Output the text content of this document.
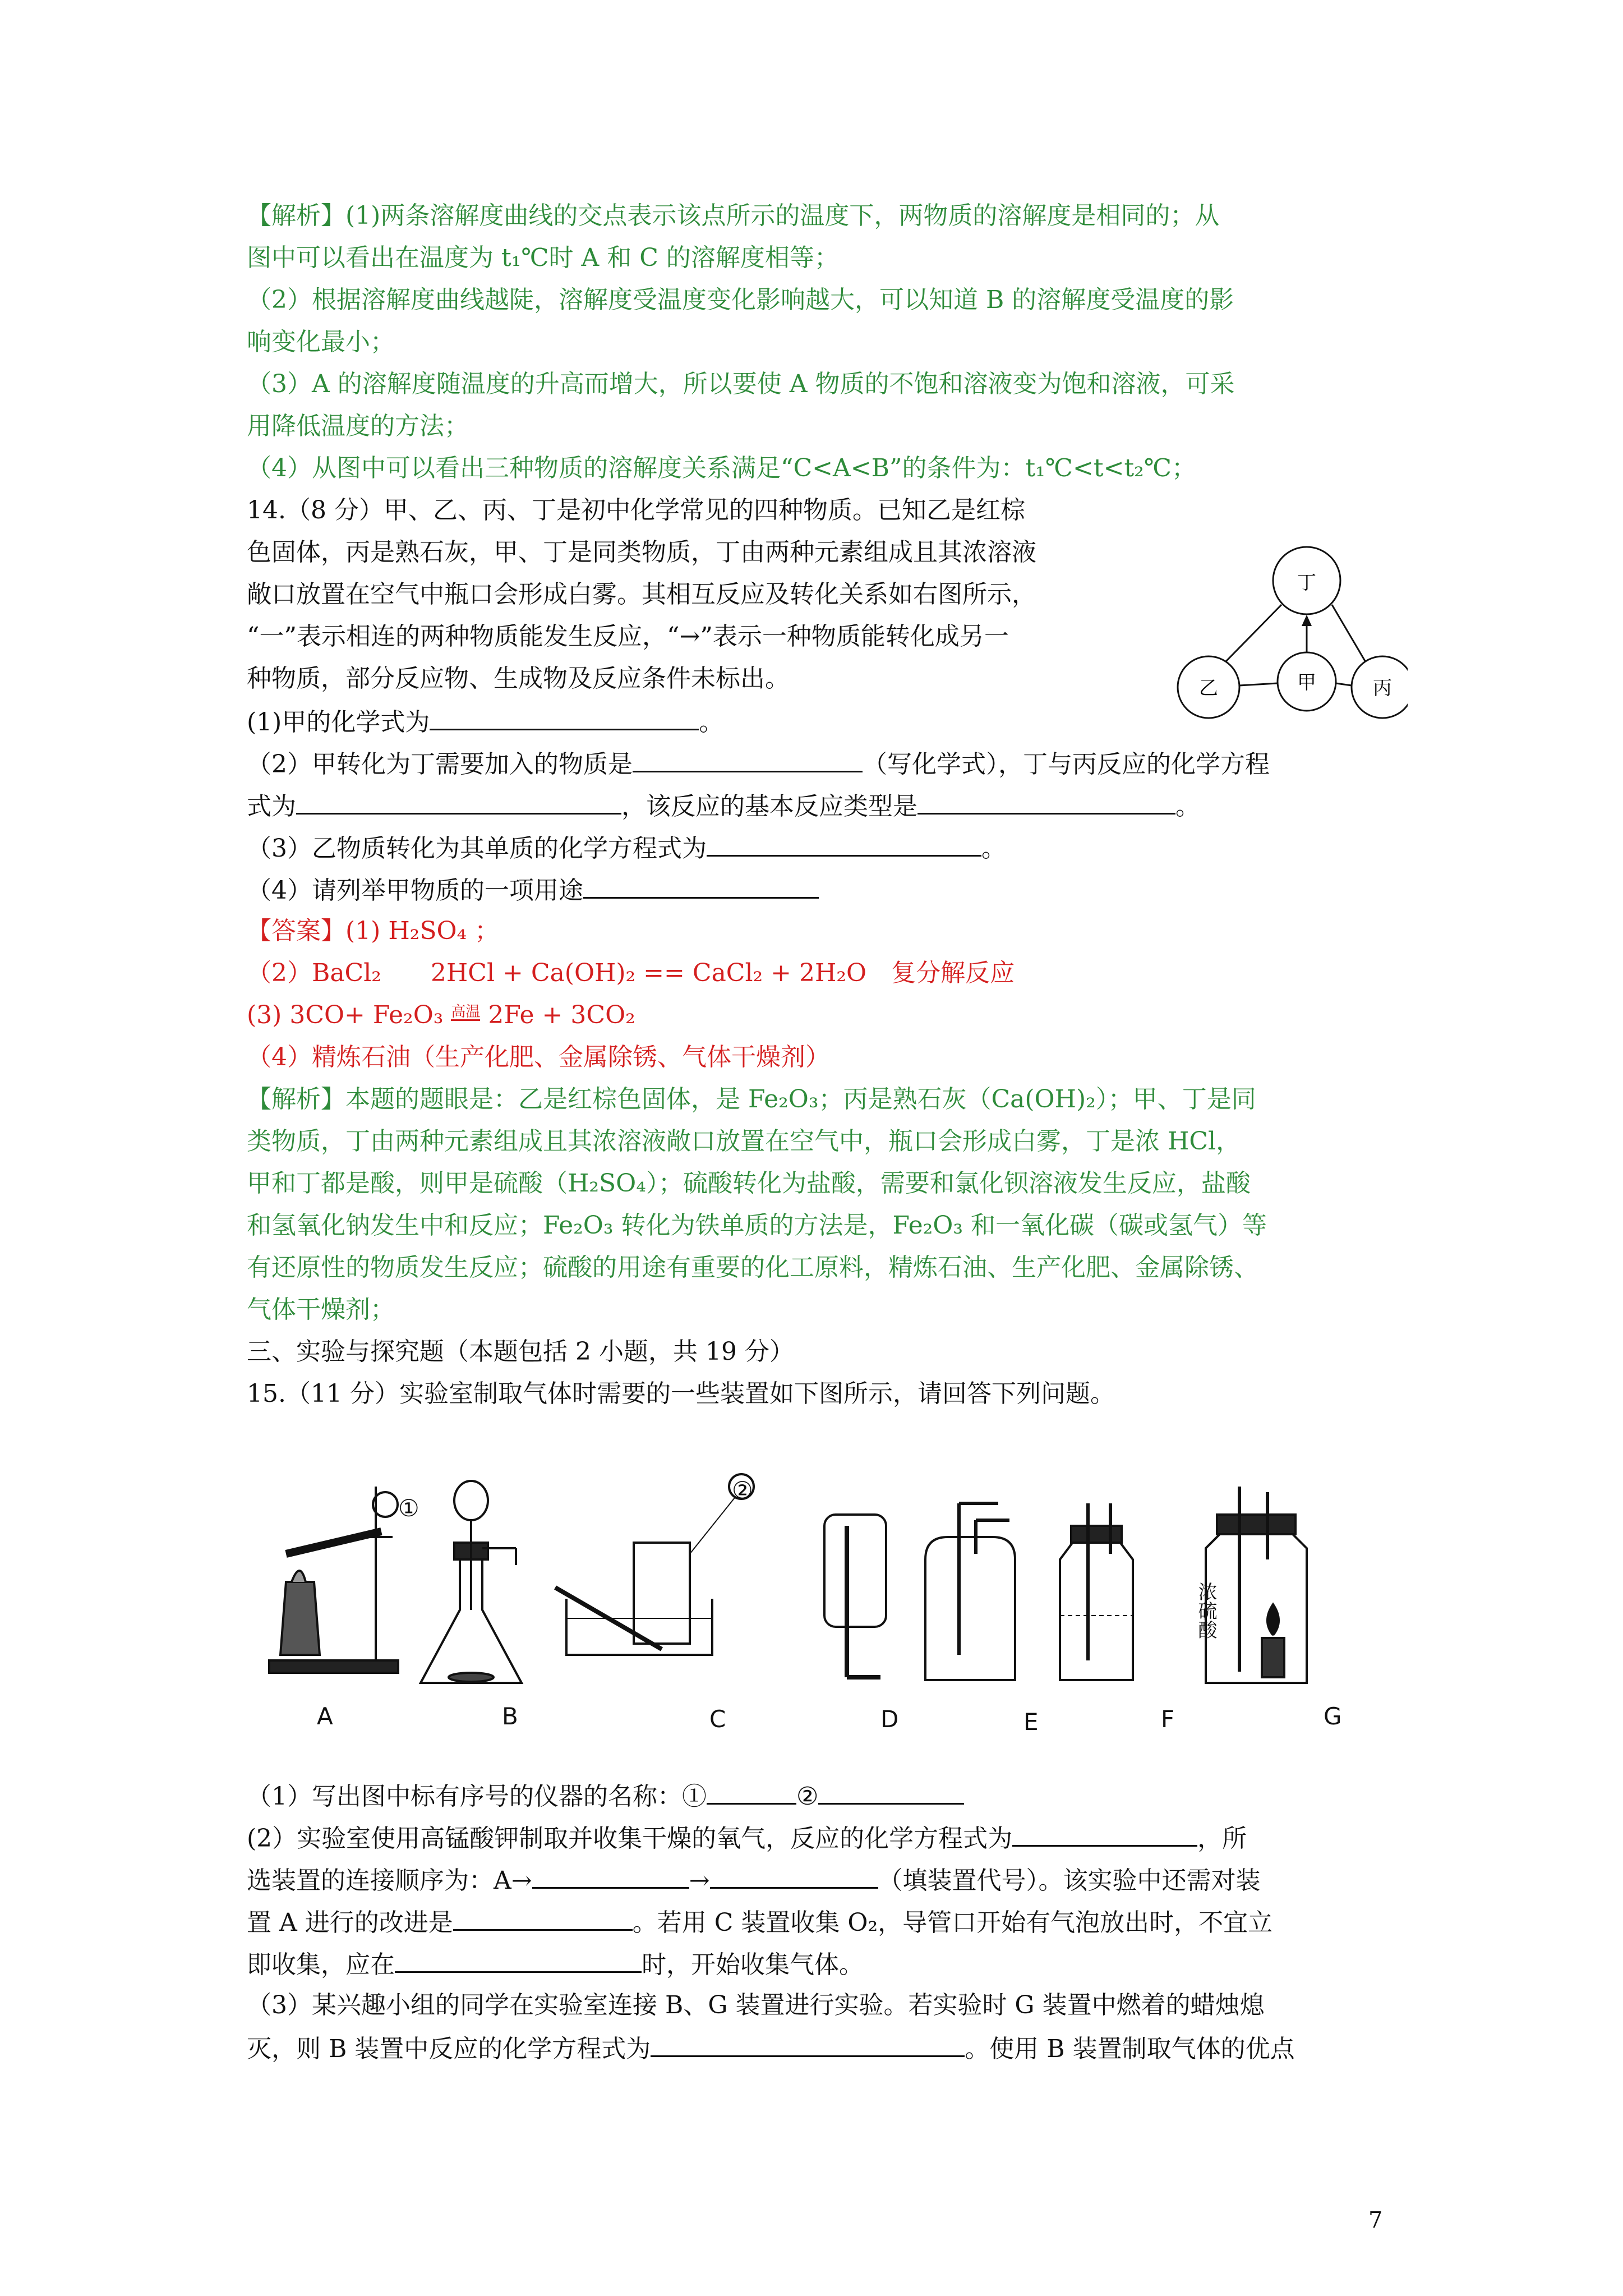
【解析】(1)两条溶解度曲线的交点表示该点所示的温度下，两物质的溶解度是相同的；从
图中可以看出在温度为 t₁℃时 A 和 C 的溶解度相等；
（2）根据溶解度曲线越陡，溶解度受温度变化影响越大，可以知道 B 的溶解度受温度的影
响变化最小；
（3）A 的溶解度随温度的升高而增大，所以要使 A 物质的不饱和溶液变为饱和溶液，可采
用降低温度的方法；
（4）从图中可以看出三种物质的溶解度关系满足“C<A<B”的条件为：t₁℃<t<t₂℃；
14.（8 分）甲、乙、丙、丁是初中化学常见的四种物质。已知乙是红棕
色固体，丙是熟石灰，甲、丁是同类物质，丁由两种元素组成且其浓溶液
敞口放置在空气中瓶口会形成白雾。其相互反应及转化关系如右图所示，
“一”表示相连的两种物质能发生反应，“→”表示一种物质能转化成另一
种物质，部分反应物、生成物及反应条件未标出。
丁
乙	甲	丙
(1)甲的化学式为	。
（2）甲转化为丁需要加入的物质是	（写化学式），丁与丙反应的化学方程
式为	，该反应的基本反应类型是	。
（3）乙物质转化为其单质的化学方程式为	。
（4）请列举甲物质的一项用途
【答案】(1) H₂SO₄ ；
（2）BaCl₂　　2HCl + Ca(OH)₂ == CaCl₂ + 2H₂O　复分解反应
(3) 3CO+ Fe₂O₃ 高温 2Fe + 3CO₂
（4）精炼石油（生产化肥、金属除锈、气体干燥剂）
【解析】本题的题眼是：乙是红棕色固体，是 Fe₂O₃；丙是熟石灰（Ca(OH)₂）；甲、丁是同
类物质，丁由两种元素组成且其浓溶液敞口放置在空气中，瓶口会形成白雾，丁是浓 HCl，
甲和丁都是酸，则甲是硫酸（H₂SO₄）；硫酸转化为盐酸，需要和氯化钡溶液发生反应，盐酸
和氢氧化钠发生中和反应；Fe₂O₃ 转化为铁单质的方法是，Fe₂O₃ 和一氧化碳（碳或氢气）等
有还原性的物质发生反应；硫酸的用途有重要的化工原料，精炼石油、生产化肥、金属除锈、
气体干燥剂；
三、实验与探究题（本题包括 2 小题，共 19 分）
15.（11 分）实验室制取气体时需要的一些装置如下图所示，请回答下列问题。
①
②
浓硫酸
A	B	C	D	E	F	G
（1）写出图中标有序号的仪器的名称：①	②
(2）实验室使用高锰酸钾制取并收集干燥的氧气，反应的化学方程式为	，所
选装置的连接顺序为：A→	→	（填装置代号）。该实验中还需对装
置 A 进行的改进是	。若用 C 装置收集 O₂，导管口开始有气泡放出时，不宜立
即收集，应在	时，开始收集气体。
（3）某兴趣小组的同学在实验室连接 B、G 装置进行实验。若实验时 G 装置中燃着的蜡烛熄
灭，则 B 装置中反应的化学方程式为	。使用 B 装置制取气体的优点
7
